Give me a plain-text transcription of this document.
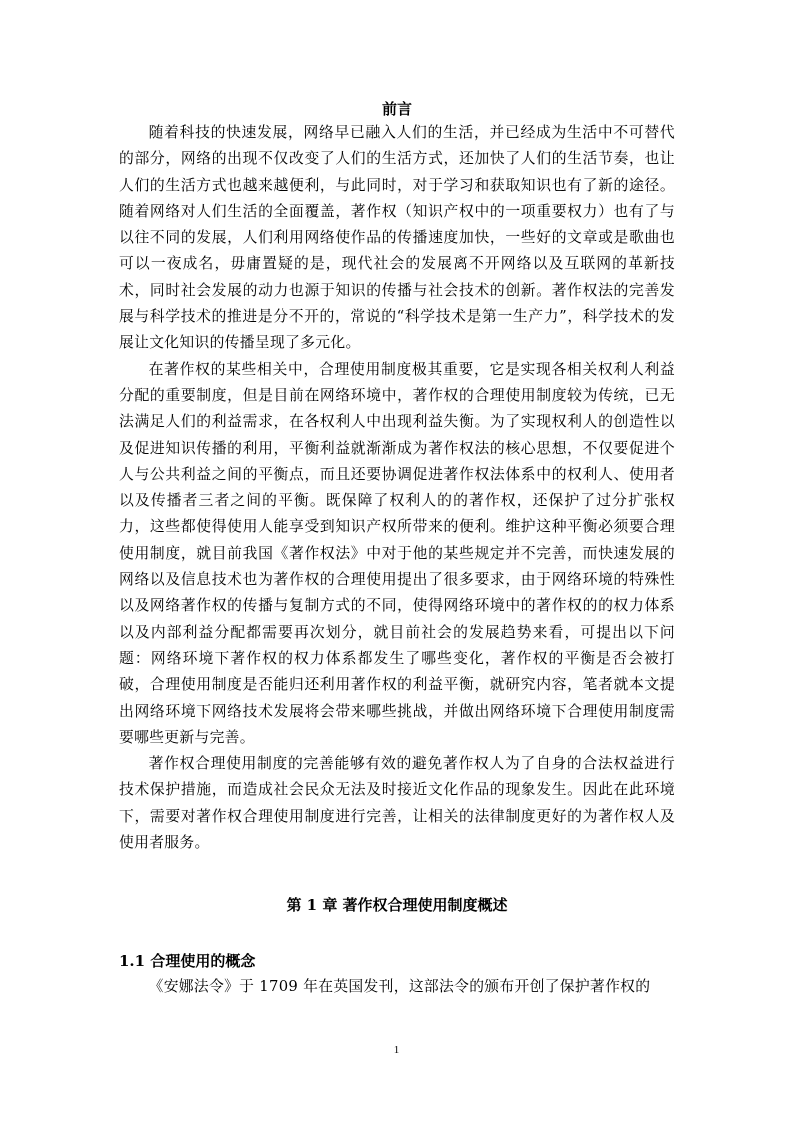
前言

随着科技的快速发展，网络早已融入人们的生活，并已经成为生活中不可替代的部分，网络的出现不仅改变了人们的生活方式，还加快了人们的生活节奏，也让人们的生活方式也越来越便利，与此同时，对于学习和获取知识也有了新的途径。随着网络对人们生活的全面覆盖，著作权（知识产权中的一项重要权力）也有了与以往不同的发展，人们利用网络使作品的传播速度加快，一些好的文章或是歌曲也可以一夜成名，毋庸置疑的是，现代社会的发展离不开网络以及互联网的革新技术，同时社会发展的动力也源于知识的传播与社会技术的创新。著作权法的完善发展与科学技术的推进是分不开的，常说的“科学技术是第一生产力”，科学技术的发展让文化知识的传播呈现了多元化。

在著作权的某些相关中，合理使用制度极其重要，它是实现各相关权利人利益分配的重要制度，但是目前在网络环境中，著作权的合理使用制度较为传统，已无法满足人们的利益需求，在各权利人中出现利益失衡。为了实现权利人的创造性以及促进知识传播的利用，平衡利益就渐渐成为著作权法的核心思想，不仅要促进个人与公共利益之间的平衡点，而且还要协调促进著作权法体系中的权利人、使用者以及传播者三者之间的平衡。既保障了权利人的的著作权，还保护了过分扩张权力，这些都使得使用人能享受到知识产权所带来的便利。维护这种平衡必须要合理使用制度，就目前我国《著作权法》中对于他的某些规定并不完善，而快速发展的网络以及信息技术也为著作权的合理使用提出了很多要求，由于网络环境的特殊性以及网络著作权的传播与复制方式的不同，使得网络环境中的著作权的的权力体系以及内部利益分配都需要再次划分，就目前社会的发展趋势来看，可提出以下问题：网络环境下著作权的权力体系都发生了哪些变化，著作权的平衡是否会被打破，合理使用制度是否能归还利用著作权的利益平衡，就研究内容，笔者就本文提出网络环境下网络技术发展将会带来哪些挑战，并做出网络环境下合理使用制度需要哪些更新与完善。

著作权合理使用制度的完善能够有效的避免著作权人为了自身的合法权益进行技术保护措施，而造成社会民众无法及时接近文化作品的现象发生。因此在此环境下，需要对著作权合理使用制度进行完善，让相关的法律制度更好的为著作权人及使用者服务。

第 1 章 著作权合理使用制度概述
1.1 合理使用的概念

《安娜法令》于 1709 年在英国发刊，这部法令的颁布开创了保护著作权的

1
